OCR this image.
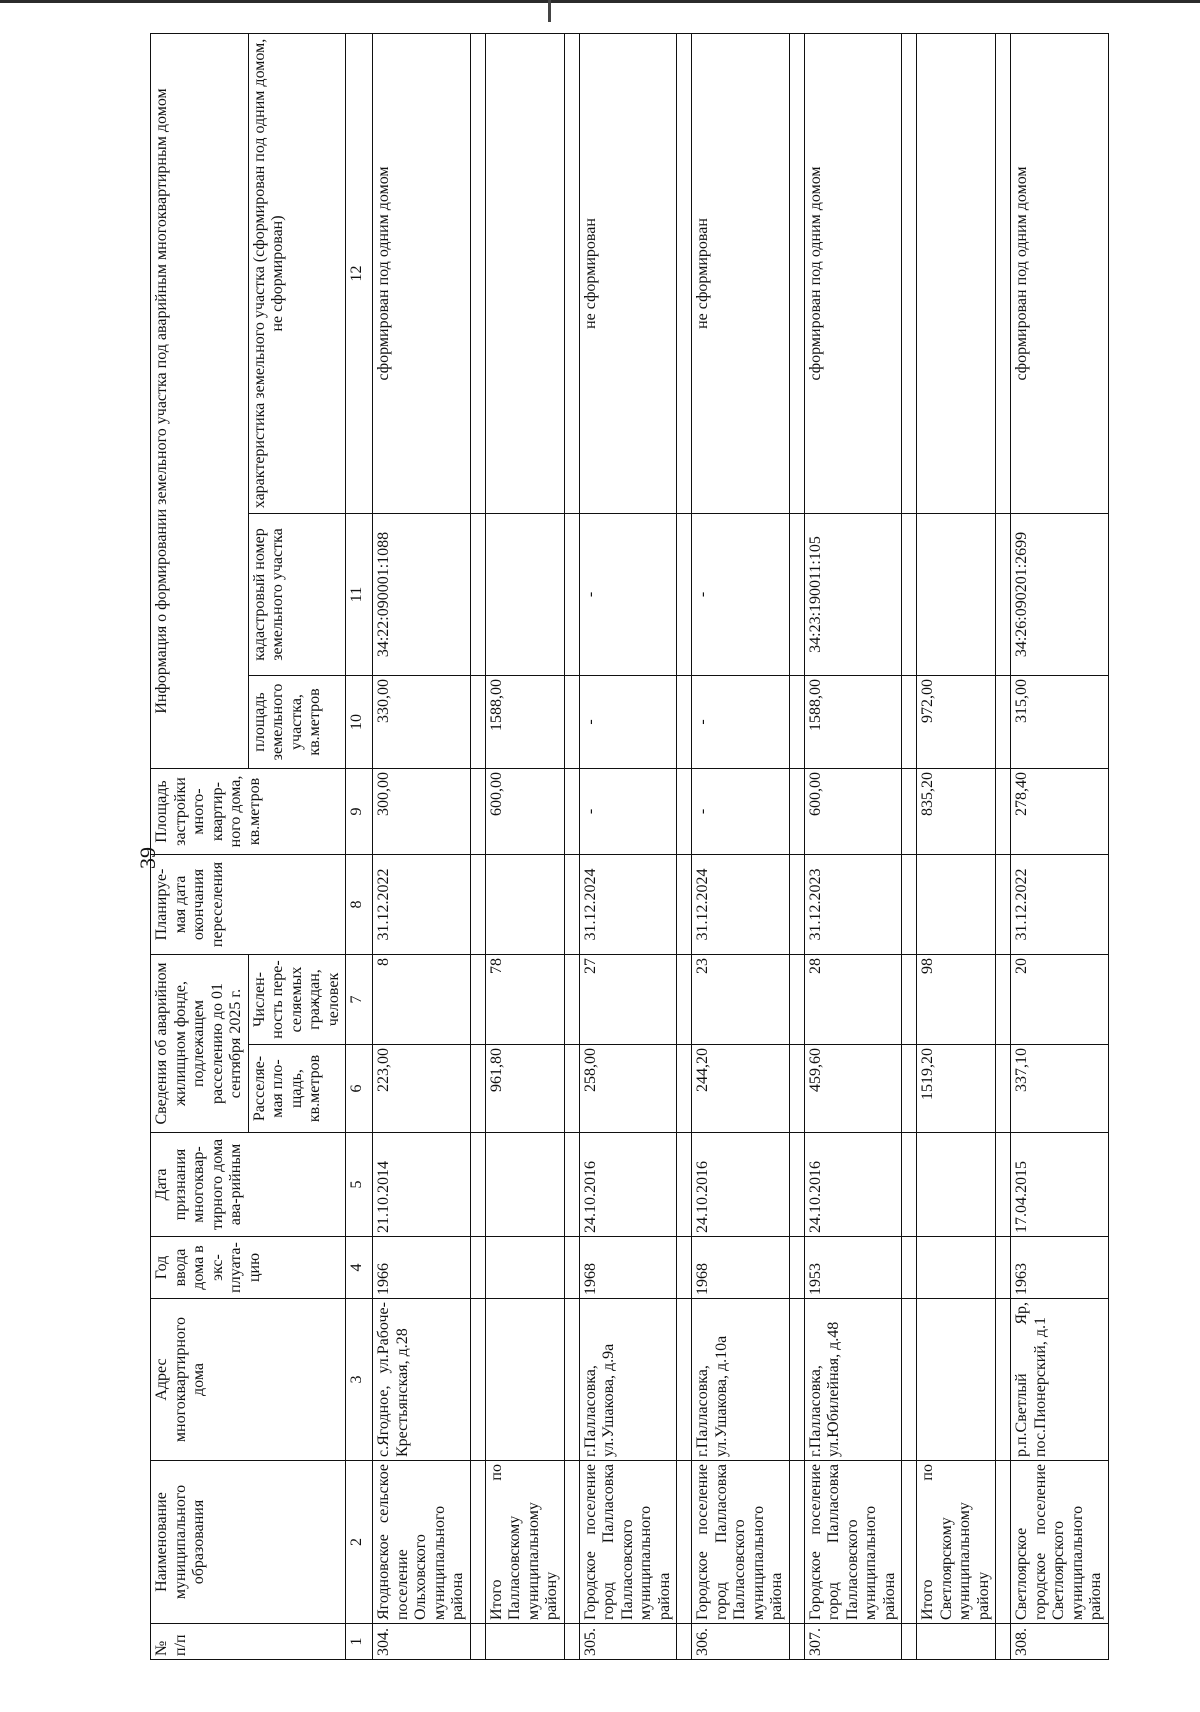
39
№ п/п	Наименование муниципального образования	Адрес многоквартирного дома	Год ввода дома в экс-плуата-цию	Дата признания многоквар-тирного дома ава-рийным	Сведения об аварийном жилищном фонде, подлежащем расселению до 01 сентября 2025 г.		Планируе-мая дата окончания переселения	Площадь застройки много-квартир-ного дома, кв.метров	Информация о формировании земельного участка под аварийным многоквартирным домом		
					Расселяе-мая пло-щадь, кв.метров	Числен-ность пере-селяемых граждан, человек			площадь земельного участка, кв.метров	кадастровый номер земельного участка	характеристика земельного участка (сформирован под одним домом, не сформирован)
1	2	3	4	5	6	7	8	9	10	11	12
304.	Ягодновское сельское поселение Ольховского муниципального района	с.Ягодное, ул.Рабоче-Крестьянская, д.28	1966	21.10.2014	223,00	8	31.12.2022	300,00	330,00	34:22:090001:1088	сформирован под одним домом

	Итого по Палласовскому муниципальному району				961,80	78		600,00	1588,00		

305.	Городское поселение город Палласовка Палласовского муниципального района	г.Палласовка, ул.Ушакова, д.9а	1968	24.10.2016	258,00	27	31.12.2024	-	-	-	не сформирован

306.	Городское поселение город Палласовка Палласовского муниципального района	г.Палласовка, ул.Ушакова, д.10а	1968	24.10.2016	244,20	23	31.12.2024	-	-	-	не сформирован

307.	Городское поселение город Палласовка Палласовского муниципального района	г.Палласовка, ул.Юбилейная, д.48	1953	24.10.2016	459,60	28	31.12.2023	600,00	1588,00	34:23:190011:105	сформирован под одним домом

	Итого по Светлоярскому муниципальному району				1519,20	98		835,20	972,00		

308.	Светлоярское городское поселение Светлоярского муниципального района	р.п.Светлый Яр, пос.Пионерский, д.1	1963	17.04.2015	337,10	20	31.12.2022	278,40	315,00	34:26:090201:2699	сформирован под одним домом
